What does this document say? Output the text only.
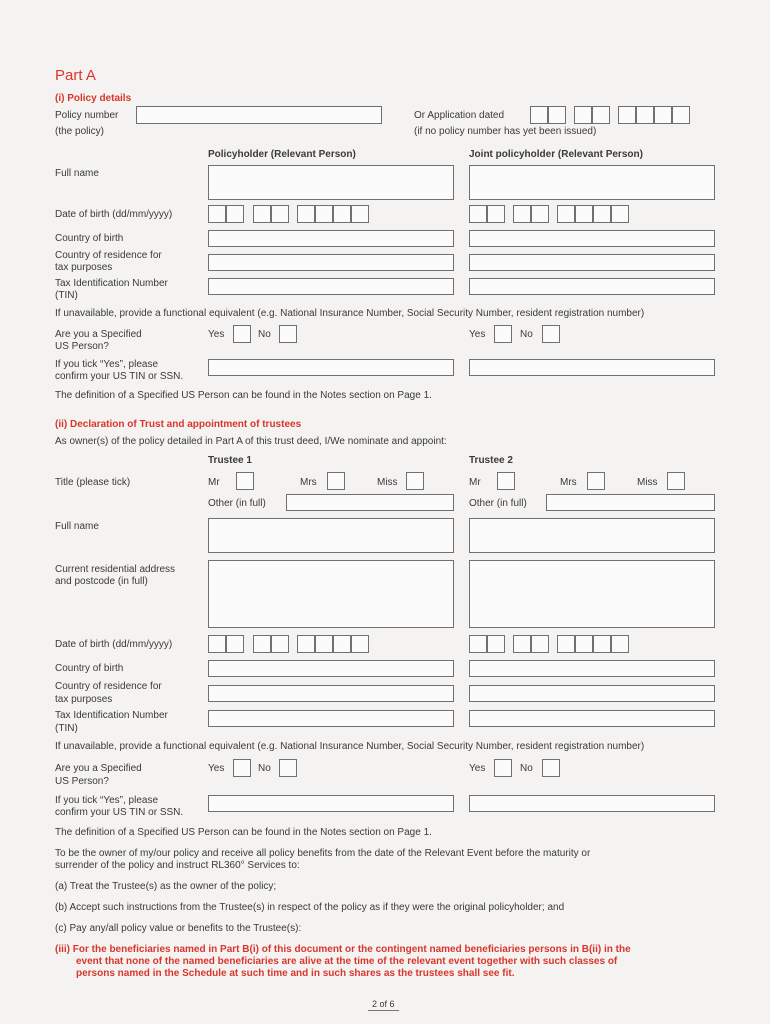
Part A
(i) Policy details
Policy number
(the policy)
Or Application dated
(if no policy number has yet been issued)
Policyholder (Relevant Person)	Joint policyholder (Relevant Person)
Full name
Date of birth (dd/mm/yyyy)
Country of birth
Country of residence for
tax purposes
Tax Identification Number
(TIN)
If unavailable, provide a functional equivalent (e.g. National Insurance Number, Social Security Number, resident registration number)
Are you a Specified
US Person?
Yes	No	Yes	No
If you tick “Yes”, please
confirm your US TIN or SSN.
The definition of a Specified US Person can be found in the Notes section on Page 1.
(ii) Declaration of Trust and appointment of trustees
As owner(s) of the policy detailed in Part A of this trust deed, I/We nominate and appoint:
Trustee 1	Trustee 2
Title (please tick)	Mr	Mrs	Miss	Mr	Mrs	Miss
Other (in full)	Other (in full)
Full name
Current residential address
and postcode (in full)
Date of birth (dd/mm/yyyy)
Country of birth
Country of residence for
tax purposes
Tax Identification Number
(TIN)
If unavailable, provide a functional equivalent (e.g. National Insurance Number, Social Security Number, resident registration number)
Are you a Specified
US Person?
Yes	No	Yes	No
If you tick “Yes”, please
confirm your US TIN or SSN.
The definition of a Specified US Person can be found in the Notes section on Page 1.
To be the owner of my/our policy and receive all policy benefits from the date of the Relevant Event before the maturity or
surrender of the policy and instruct RL360° Services to:
(a) Treat the Trustee(s) as the owner of the policy;
(b) Accept such instructions from the Trustee(s) in respect of the policy as if they were the original policyholder; and
(c) Pay any/all policy value or benefits to the Trustee(s):
(iii) For the beneficiaries named in Part B(i) of this document or the contingent named beneficiaries persons in B(ii) in the
event that none of the named beneficiaries are alive at the time of the relevant event together with such classes of
persons named in the Schedule at such time and in such shares as the trustees shall see fit.
2 of 6
